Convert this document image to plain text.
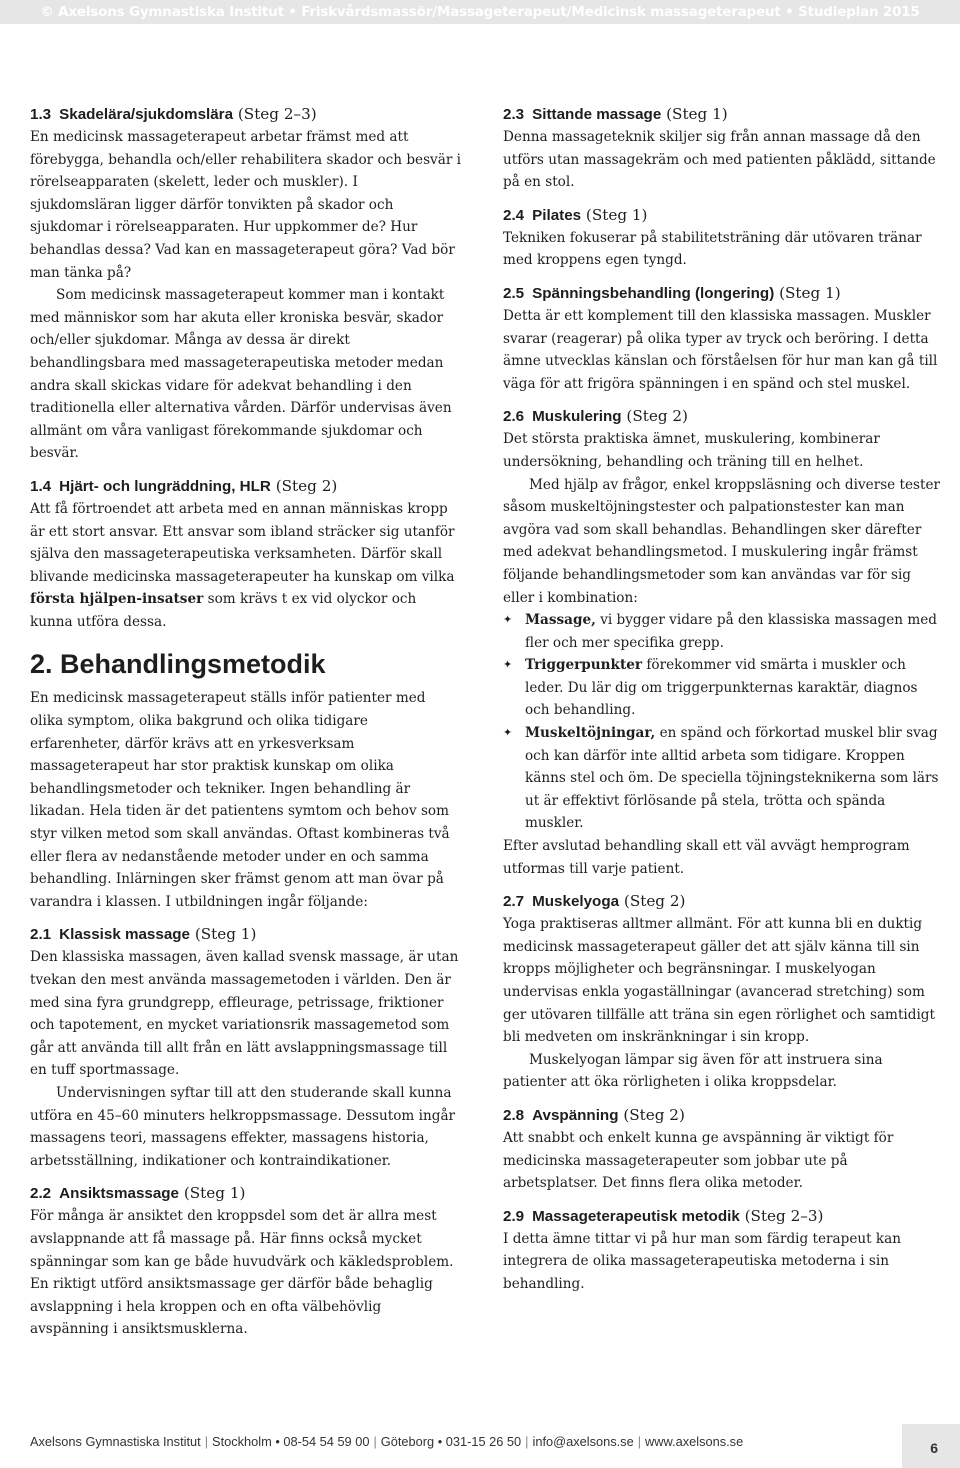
© Axelsons Gymnastiska Institut • Friskvårdsmassör/Massageterapeut/Medicinsk massageterapeut • Studieplan 2015
1.3 Skadelära/sjukdomslära (Steg 2–3)

En medicinsk massageterapeut arbetar främst med att förebygga, behandla och/eller rehabilitera skador och besvär i rörelseapparaten (skelett, leder och muskler). I sjukdomsläran ligger därför tonvikten på skador och sjukdomar i rörelseapparaten. Hur uppkommer de? Hur behandlas dessa? Vad kan en massageterapeut göra? Vad bör man tänka på?

Som medicinsk massageterapeut kommer man i kontakt med människor som har akuta eller kroniska besvär, skador och/eller sjukdomar. Många av dessa är direkt behandlingsbara med massageterapeutiska metoder medan andra skall skickas vidare för adekvat behandling i den traditionella eller alternativa vården. Därför undervisas även allmänt om våra vanligast förekommande sjukdomar och besvär.

1.4 Hjärt- och lungräddning, HLR (Steg 2)

Att få förtroendet att arbeta med en annan människas kropp är ett stort ansvar. Ett ansvar som ibland sträcker sig utanför själva den massageterapeutiska verksamheten. Därför skall blivande medicinska massageterapeuter ha kunskap om vilka första hjälpen-insatser som krävs t ex vid olyckor och kunna utföra dessa.

2. Behandlingsmetodik

En medicinsk massageterapeut ställs inför patienter med olika symptom, olika bakgrund och olika tidigare erfarenheter, därför krävs att en yrkesverksam massageterapeut har stor praktisk kunskap om olika behandlingsmetoder och tekniker. Ingen behandling är likadan. Hela tiden är det patientens symtom och behov som styr vilken metod som skall användas. Oftast kombineras två eller flera av nedanstående metoder under en och samma behandling. Inlärningen sker främst genom att man övar på varandra i klassen. I utbildningen ingår följande:

2.1 Klassisk massage (Steg 1)

Den klassiska massagen, även kallad svensk massage, är utan tvekan den mest använda massagemetoden i världen. Den är med sina fyra grundgrepp, effleurage, petrissage, friktioner och tapotement, en mycket variationsrik massagemetod som går att använda till allt från en lätt avslappningsmassage till en tuff sportmassage.

Undervisningen syftar till att den studerande skall kunna utföra en 45–60 minuters helkroppsmassage. Dessutom ingår massagens teori, massagens effekter, massagens historia, arbetsställning, indikationer och kontraindikationer.

2.2 Ansiktsmassage (Steg 1)

För många är ansiktet den kroppsdel som det är allra mest avslappnande att få massage på. Här finns också mycket spänningar som kan ge både huvudvärk och käkledsproblem. En riktigt utförd ansiktsmassage ger därför både behaglig avslappning i hela kroppen och en ofta välbehövlig avspänning i ansiktsmusklerna.

2.3 Sittande massage (Steg 1)

Denna massageteknik skiljer sig från annan massage då den utförs utan massagekräm och med patienten påklädd, sittande på en stol.

2.4 Pilates (Steg 1)

Tekniken fokuserar på stabilitetsträning där utövaren tränar med kroppens egen tyngd.

2.5 Spänningsbehandling (longering) (Steg 1)

Detta är ett komplement till den klassiska massagen. Muskler svarar (reagerar) på olika typer av tryck och beröring. I detta ämne utvecklas känslan och förståelsen för hur man kan gå till väga för att frigöra spänningen i en spänd och stel muskel.

2.6 Muskulering (Steg 2)

Det största praktiska ämnet, muskulering, kombinerar undersökning, behandling och träning till en helhet.

Med hjälp av frågor, enkel kroppsläsning och diverse tester såsom muskeltöjningstester och palpationstester kan man avgöra vad som skall behandlas. Behandlingen sker därefter med adekvat behandlingsmetod. I muskulering ingår främst följande behandlingsmetoder som kan användas var för sig eller i kombination:

✦ Massage, vi bygger vidare på den klassiska massagen med fler och mer specifika grepp.
✦ Triggerpunkter förekommer vid smärta i muskler och leder. Du lär dig om triggerpunkternas karaktär, diagnos och behandling.
✦ Muskeltöjningar, en spänd och förkortad muskel blir svag och kan därför inte alltid arbeta som tidigare. Kroppen känns stel och öm. De speciella töjningsteknikerna som lärs ut är effektivt förlösande på stela, trötta och spända muskler.

Efter avslutad behandling skall ett väl avvägt hemprogram utformas till varje patient.

2.7 Muskelyoga (Steg 2)

Yoga praktiseras alltmer allmänt. För att kunna bli en duktig medicinsk massageterapeut gäller det att själv känna till sin kropps möjligheter och begränsningar. I muskelyogan undervisas enkla yogaställningar (avancerad stretching) som ger utövaren tillfälle att träna sin egen rörlighet och samtidigt bli medveten om inskränkningar i sin kropp.

Muskelyogan lämpar sig även för att instruera sina patienter att öka rörligheten i olika kroppsdelar.

2.8 Avspänning (Steg 2)

Att snabbt och enkelt kunna ge avspänning är viktigt för medicinska massageterapeuter som jobbar ute på arbetsplatser. Det finns flera olika metoder.

2.9 Massageterapeutisk metodik (Steg 2–3)

I detta ämne tittar vi på hur man som färdig terapeut kan integrera de olika massageterapeutiska metoderna i sin behandling.

Axelsons Gymnastiska Institut | Stockholm • 08-54 54 59 00 | Göteborg • 031-15 26 50 | info@axelsons.se | www.axelsons.se	6
